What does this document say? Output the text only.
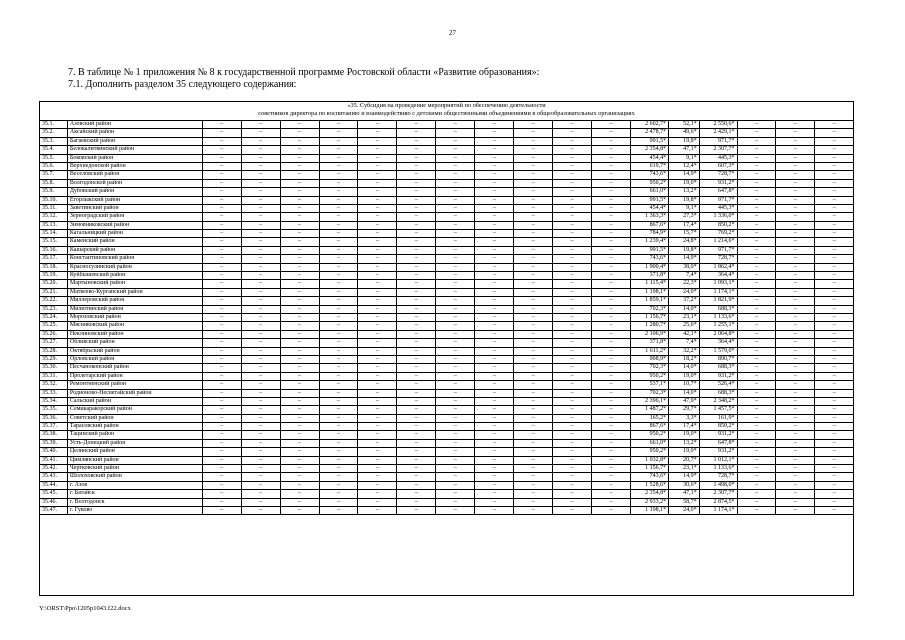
27
7. В таблице № 1 приложения № 8 к государственной программе Ростовской области «Развитие образования»:
7.1. Дополнить разделом 35 следующего содержания:
«35. Субсидия на проведение мероприятий по обеспечению деятельности
советников директора по воспитанию и взаимодействию с детскими общественными объединениями в общеобразовательных организациях
35.1.	Азовский район	–	–	–	–	–	–	–	–	–	–	–	2 602,7*	52,1*	2 550,6*	–	–	–
35.2.	Аксайский район	–	–	–	–	–	–	–	–	–	–	–	2 478,7*	49,6*	2 429,1*	–	–	–
35.3.	Багаевский район	–	–	–	–	–	–	–	–	–	–	–	991,5*	19,8*	971,7*	–	–	–
35.4.	Белокалитвинский район	–	–	–	–	–	–	–	–	–	–	–	2 354,8*	47,1*	2 307,7*	–	–	–
35.5.	Боковский район	–	–	–	–	–	–	–	–	–	–	–	454,4*	9,1*	445,3*	–	–	–
35.6.	Верхнедонской район	–	–	–	–	–	–	–	–	–	–	–	619,7*	12,4*	607,3*	–	–	–
35.7.	Веселовский район	–	–	–	–	–	–	–	–	–	–	–	743,6*	14,9*	728,7*	–	–	–
35.8.	Волгодонской район	–	–	–	–	–	–	–	–	–	–	–	950,2*	19,0*	931,2*	–	–	–
35.9.	Дубовский район	–	–	–	–	–	–	–	–	–	–	–	661,0*	13,2*	647,8*	–	–	–
35.10.	Егорлыкский район	–	–	–	–	–	–	–	–	–	–	–	991,5*	19,8*	971,7*	–	–	–
35.11.	Заветинский район	–	–	–	–	–	–	–	–	–	–	–	454,4*	9,1*	445,3*	–	–	–
35.12.	Зерноградский район	–	–	–	–	–	–	–	–	–	–	–	1 363,3*	27,3*	1 336,0*	–	–	–
35.13.	Зимовниковский район	–	–	–	–	–	–	–	–	–	–	–	867,6*	17,4*	850,2*	–	–	–
35.14.	Кагальницкий район	–	–	–	–	–	–	–	–	–	–	–	784,9*	15,7*	769,2*	–	–	–
35.15.	Каменский район	–	–	–	–	–	–	–	–	–	–	–	1 239,4*	24,8*	1 214,6*	–	–	–
35.16.	Кашарский район	–	–	–	–	–	–	–	–	–	–	–	991,5*	19,8*	971,7*	–	–	–
35.17.	Константиновский район	–	–	–	–	–	–	–	–	–	–	–	743,6*	14,9*	728,7*	–	–	–
35.18.	Красносулинский район	–	–	–	–	–	–	–	–	–	–	–	1 900,4*	38,0*	1 862,4*	–	–	–
35.19.	Куйбышевский район	–	–	–	–	–	–	–	–	–	–	–	371,8*	7,4*	364,4*	–	–	–
35.20.	Мартыновский район	–	–	–	–	–	–	–	–	–	–	–	1 115,4*	22,3*	1 093,1*	–	–	–
35.21.	Матвеево-Курганский район	–	–	–	–	–	–	–	–	–	–	–	1 198,1*	24,0*	1 174,1*	–	–	–
35.22.	Миллеровский район	–	–	–	–	–	–	–	–	–	–	–	1 859,1*	37,2*	1 821,9*	–	–	–
35.23.	Милютинский район	–	–	–	–	–	–	–	–	–	–	–	702,3*	14,0*	688,3*	–	–	–
35.24.	Морозовский район	–	–	–	–	–	–	–	–	–	–	–	1 156,7*	23,1*	1 133,6*	–	–	–
35.25.	Мясниковский район	–	–	–	–	–	–	–	–	–	–	–	1 280,7*	25,6*	1 255,1*	–	–	–
35.26.	Неклиновский район	–	–	–	–	–	–	–	–	–	–	–	2 106,9*	42,1*	2 064,8*	–	–	–
35.27.	Обливский район	–	–	–	–	–	–	–	–	–	–	–	371,8*	7,4*	364,4*	–	–	–
35.28.	Октябрьский район	–	–	–	–	–	–	–	–	–	–	–	1 611,2*	32,2*	1 579,0*	–	–	–
35.29.	Орловский район	–	–	–	–	–	–	–	–	–	–	–	908,9*	18,2*	890,7*	–	–	–
35.30.	Песчанокопский район	–	–	–	–	–	–	–	–	–	–	–	702,3*	14,0*	688,3*	–	–	–
35.31.	Пролетарский район	–	–	–	–	–	–	–	–	–	–	–	950,2*	19,0*	931,2*	–	–	–
35.32.	Ремонтненский район	–	–	–	–	–	–	–	–	–	–	–	537,1*	10,7*	526,4*	–	–	–
35.33.	Родионово-Несветайский район	–	–	–	–	–	–	–	–	–	–	–	702,3*	14,0*	688,3*	–	–	–
35.34.	Сальский район	–	–	–	–	–	–	–	–	–	–	–	2 396,1*	47,9*	2 348,2*	–	–	–
35.35.	Семикаракорский район	–	–	–	–	–	–	–	–	–	–	–	1 487,2*	29,7*	1 457,5*	–	–	–
35.36.	Советский район	–	–	–	–	–	–	–	–	–	–	–	165,2*	3,3*	161,9*	–	–	–
35.37.	Тарасовский район	–	–	–	–	–	–	–	–	–	–	–	867,6*	17,4*	850,2*	–	–	–
35.38.	Тацинский район	–	–	–	–	–	–	–	–	–	–	–	950,2*	19,0*	931,2*	–	–	–
35.39.	Усть-Донецкий район	–	–	–	–	–	–	–	–	–	–	–	661,0*	13,2*	647,8*	–	–	–
35.40.	Целинский район	–	–	–	–	–	–	–	–	–	–	–	950,2*	19,0*	931,2*	–	–	–
35.41.	Цимлянский район	–	–	–	–	–	–	–	–	–	–	–	1 032,8*	20,7*	1 012,1*	–	–	–
35.42.	Чертковский район	–	–	–	–	–	–	–	–	–	–	–	1 156,7*	23,1*	1 133,6*	–	–	–
35.43.	Шолоховский район	–	–	–	–	–	–	–	–	–	–	–	743,6*	14,9*	728,7*	–	–	–
35.44.	г. Азов	–	–	–	–	–	–	–	–	–	–	–	1 528,6*	30,6*	1 498,0*	–	–	–
35.45.	г. Батайск	–	–	–	–	–	–	–	–	–	–	–	2 354,8*	47,1*	2 307,7*	–	–	–
35.46.	г. Волгодонск	–	–	–	–	–	–	–	–	–	–	–	2 933,2*	58,7*	2 874,5*	–	–	–
35.47.	г. Гуково	–	–	–	–	–	–	–	–	–	–	–	1 198,1*	24,0*	1 174,1*	–	–	–
Y:\ORST\Ppo\1205p1043.f22.docx
